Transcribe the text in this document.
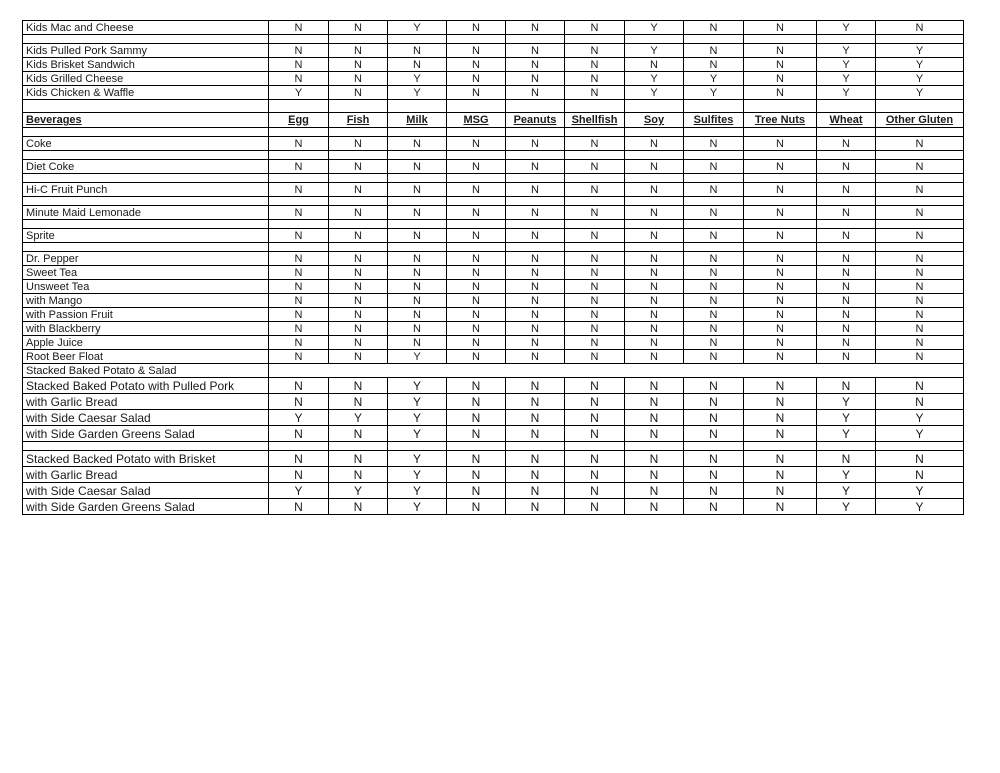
Kids Mac and Cheese	N	N	Y	N	N	N	Y	N	N	Y	N

Kids Pulled Pork Sammy	N	N	N	N	N	N	Y	N	N	Y	Y
Kids Brisket Sandwich	N	N	N	N	N	N	N	N	N	Y	Y
Kids Grilled Cheese	N	N	Y	N	N	N	Y	Y	N	Y	Y
Kids Chicken & Waffle	Y	N	Y	N	N	N	Y	Y	N	Y	Y

Beverages	Egg	Fish	Milk	MSG	Peanuts	Shellfish	Soy	Sulfites	Tree Nuts	Wheat	Other Gluten

Coke	N	N	N	N	N	N	N	N	N	N	N

Diet Coke	N	N	N	N	N	N	N	N	N	N	N

Hi-C Fruit Punch	N	N	N	N	N	N	N	N	N	N	N

Minute Maid Lemonade	N	N	N	N	N	N	N	N	N	N	N

Sprite	N	N	N	N	N	N	N	N	N	N	N

Dr. Pepper	N	N	N	N	N	N	N	N	N	N	N
Sweet Tea	N	N	N	N	N	N	N	N	N	N	N
Unsweet Tea	N	N	N	N	N	N	N	N	N	N	N
with Mango	N	N	N	N	N	N	N	N	N	N	N
with Passion Fruit	N	N	N	N	N	N	N	N	N	N	N
with Blackberry	N	N	N	N	N	N	N	N	N	N	N
Apple Juice	N	N	N	N	N	N	N	N	N	N	N
Root Beer Float	N	N	Y	N	N	N	N	N	N	N	N
Stacked Baked Potato & Salad											
Stacked Baked Potato with Pulled Pork	N	N	Y	N	N	N	N	N	N	N	N
with Garlic Bread	N	N	Y	N	N	N	N	N	N	Y	N
with Side Caesar Salad	Y	Y	Y	N	N	N	N	N	N	Y	Y
with Side Garden Greens Salad	N	N	Y	N	N	N	N	N	N	Y	Y

Stacked Backed Potato with Brisket	N	N	Y	N	N	N	N	N	N	N	N
with Garlic Bread	N	N	Y	N	N	N	N	N	N	Y	N
with Side Caesar Salad	Y	Y	Y	N	N	N	N	N	N	Y	Y
with Side Garden Greens Salad	N	N	Y	N	N	N	N	N	N	Y	Y
